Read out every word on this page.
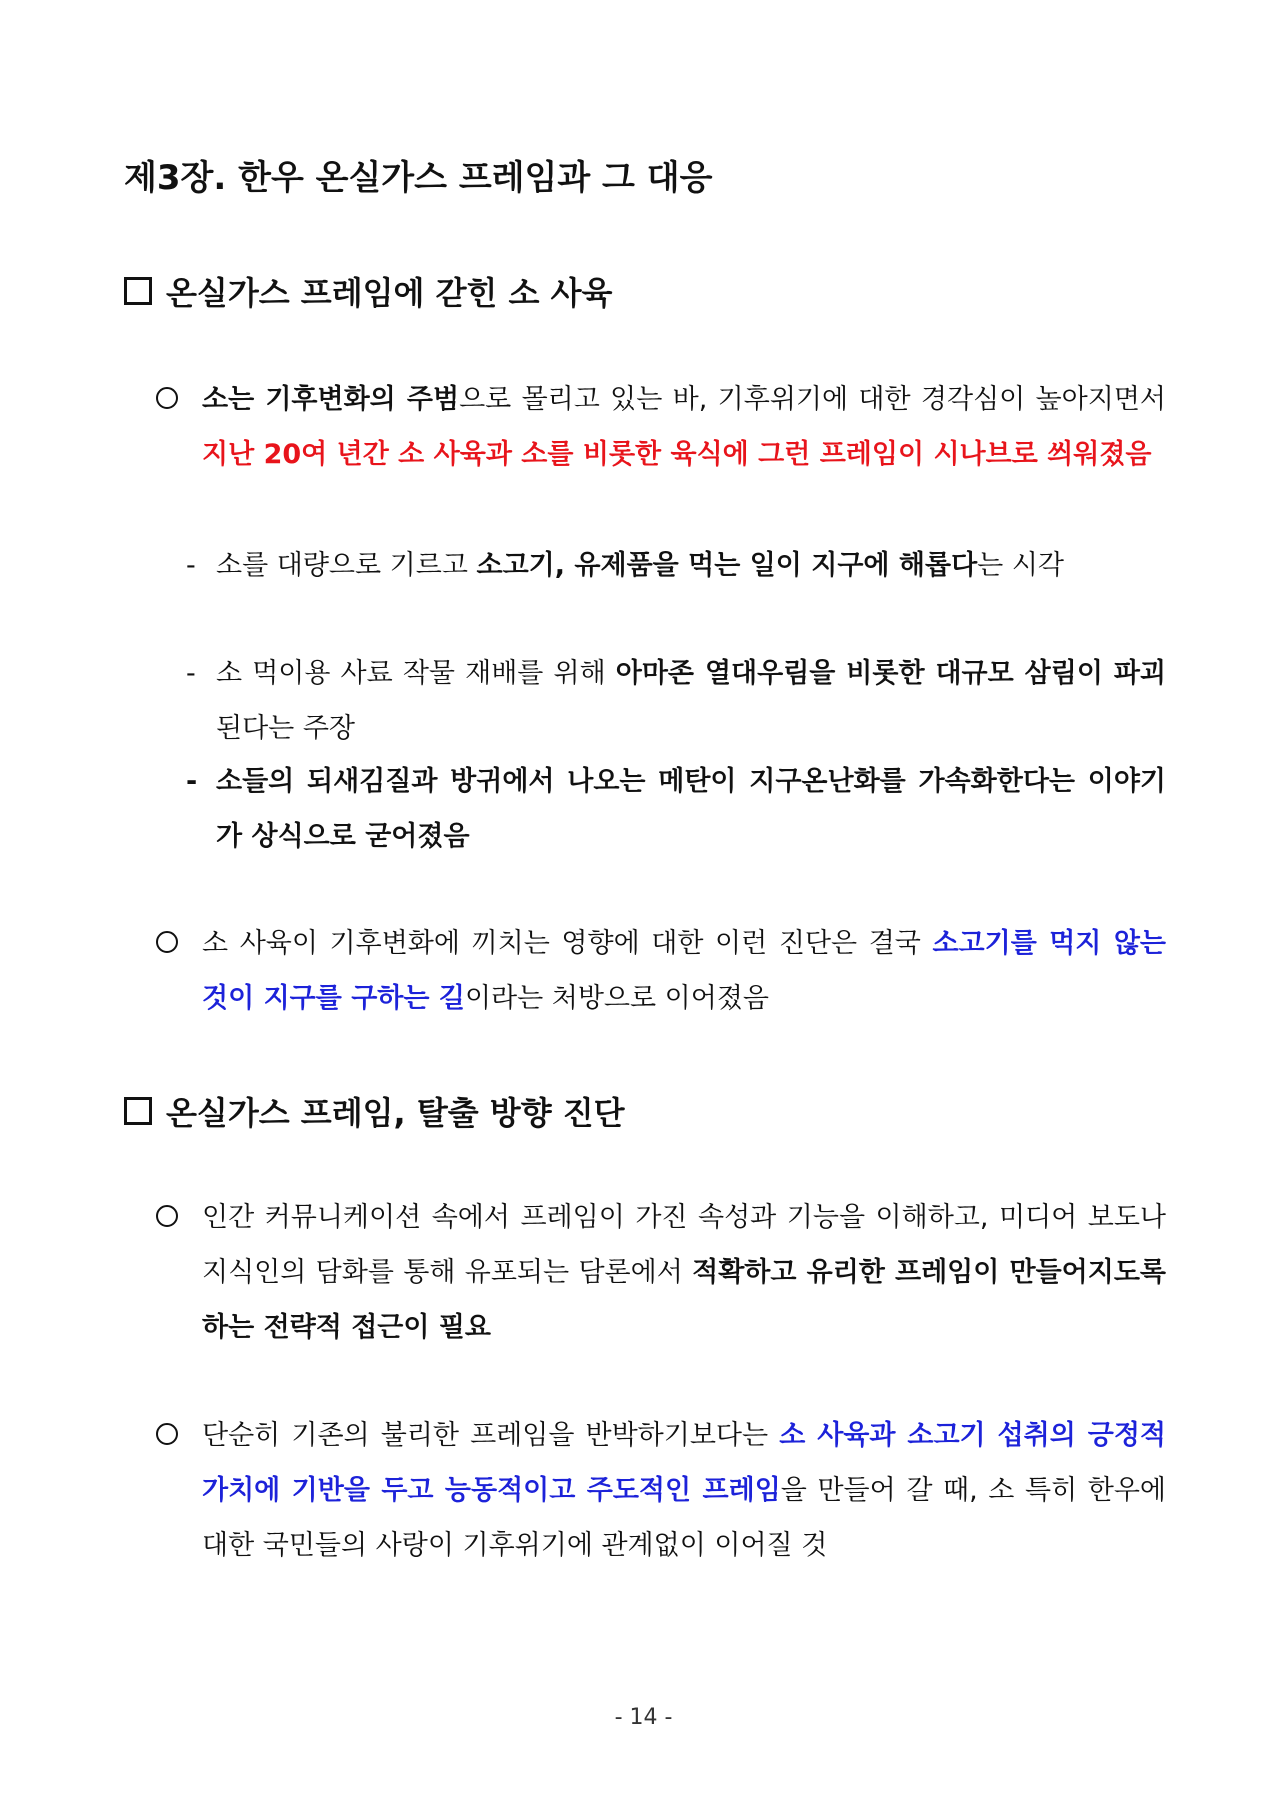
제3장. 한우 온실가스 프레임과 그 대응
온실가스 프레임에 갇힌 소 사육
소는 기후변화의 주범으로 몰리고 있는 바, 기후위기에 대한 경각심이 높아지면서 지난 20여 년간 소 사육과 소를 비롯한 육식에 그런 프레임이 시나브로 씌워졌음
- 소를 대량으로 기르고 소고기, 유제품을 먹는 일이 지구에 해롭다는 시각
- 소 먹이용 사료 작물 재배를 위해 아마존 열대우림을 비롯한 대규모 삼림이 파괴된다는 주장
- 소들의 되새김질과 방귀에서 나오는 메탄이 지구온난화를 가속화한다는 이야기가 상식으로 굳어졌음
소 사육이 기후변화에 끼치는 영향에 대한 이런 진단은 결국 소고기를 먹지 않는 것이 지구를 구하는 길이라는 처방으로 이어졌음
온실가스 프레임, 탈출 방향 진단
인간 커뮤니케이션 속에서 프레임이 가진 속성과 기능을 이해하고, 미디어 보도나 지식인의 담화를 통해 유포되는 담론에서 적확하고 유리한 프레임이 만들어지도록 하는 전략적 접근이 필요
단순히 기존의 불리한 프레임을 반박하기보다는 소 사육과 소고기 섭취의 긍정적 가치에 기반을 두고 능동적이고 주도적인 프레임을 만들어 갈 때, 소 특히 한우에 대한 국민들의 사랑이 기후위기에 관계없이 이어질 것
- 14 -
